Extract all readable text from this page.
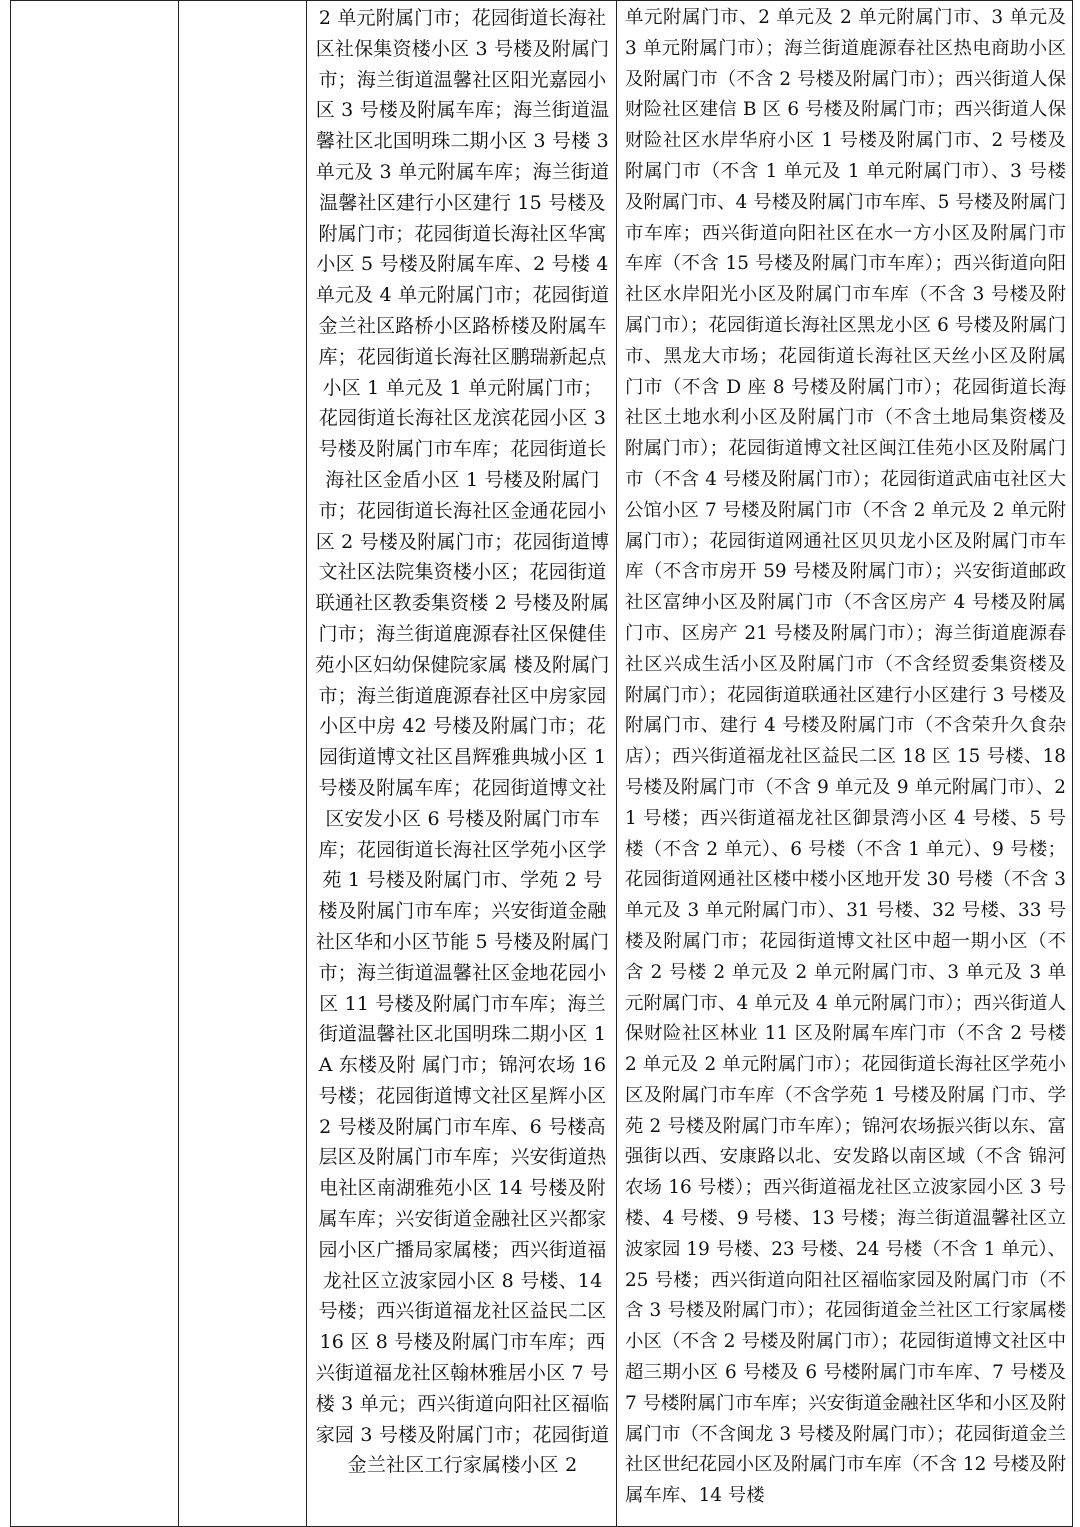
2 单元附属门市；花园街道长海社区社保集资楼小区 3 号楼及附属门市；海兰街道温馨社区阳光嘉园小区 3 号楼及附属车库；海兰街道温馨社区北国明珠二期小区 3 号楼 3 单元及 3 单元附属车库；海兰街道温馨社区建行小区建行 15 号楼及附属门市；花园街道长海社区华寓小区 5 号楼及附属车库、2 号楼 4 单元及 4 单元附属门市；花园街道金兰社区路桥小区路桥楼及附属车库；花园街道长海社区鹏瑞新起点小区 1 单元及 1 单元附属门市；花园街道长海社区龙滨花园小区 3 号楼及附属门市车库；花园街道长海社区金盾小区 1 号楼及附属门市；花园街道长海社区金通花园小区 2 号楼及附属门市；花园街道博文社区法院集资楼小区；花园街道联通社区教委集资楼 2 号楼及附属门市；海兰街道鹿源春社区保健佳苑小区妇幼保健院家属 楼及附属门市；海兰街道鹿源春社区中房家园小区中房 42 号楼及附属门市；花园街道博文社区昌辉雅典城小区 1 号楼及附属车库；花园街道博文社区安发小区 6 号楼及附属门市车库；花园街道长海社区学苑小区学苑 1 号楼及附属门市、学苑 2 号楼及附属门市车库；兴安街道金融社区华和小区节能 5 号楼及附属门市；海兰街道温馨社区金地花园小区 11 号楼及附属门市车库；海兰街道温馨社区北国明珠二期小区 1A 东楼及附 属门市；锦河农场 16 号楼；花园街道博文社区星辉小区 2 号楼及附属门市车库、6 号楼高层区及附属门市车库；兴安街道热电社区南湖雅苑小区 14 号楼及附属车库；兴安街道金融社区兴都家园小区广播局家属楼；西兴街道福龙社区立波家园小区 8 号楼、14 号楼；西兴街道福龙社区益民二区 16 区 8 号楼及附属门市车库；西兴街道福龙社区翰林雅居小区 7 号楼 3 单元；西兴街道向阳社区福临家园 3 号楼及附属门市；花园街道金兰社区工行家属楼小区 2

单元附属门市、2 单元及 2 单元附属门市、3 单元及 3 单元附属门市）；海兰街道鹿源春社区热电商助小区及附属门市（不含 2 号楼及附属门市）；西兴街道人保财险社区建信 B 区 6 号楼及附属门市；西兴街道人保财险社区水岸华府小区 1 号楼及附属门市、2 号楼及附属门市（不含 1 单元及 1 单元附属门市）、3 号楼及附属门市、4 号楼及附属门市车库、5 号楼及附属门市车库；西兴街道向阳社区在水一方小区及附属门市车库（不含 15 号楼及附属门市车库）；西兴街道向阳社区水岸阳光小区及附属门市车库（不含 3 号楼及附属门市）；花园街道长海社区黑龙小区 6 号楼及附属门市、黑龙大市场；花园街道长海社区天丝小区及附属门市（不含 D 座 8 号楼及附属门市）；花园街道长海社区土地水利小区及附属门市（不含土地局集资楼及附属门市）；花园街道博文社区闽江佳苑小区及附属门市（不含 4 号楼及附属门市）；花园街道武庙屯社区大公馆小区 7 号楼及附属门市（不含 2 单元及 2 单元附属门市）；花园街道网通社区贝贝龙小区及附属门市车库（不含市房开 59 号楼及附属门市）；兴安街道邮政社区富绅小区及附属门市（不含区房产 4 号楼及附属门市、区房产 21 号楼及附属门市）；海兰街道鹿源春社区兴成生活小区及附属门市（不含经贸委集资楼及附属门市）；花园街道联通社区建行小区建行 3 号楼及附属门市、建行 4 号楼及附属门市（不含荣升久食杂店）；西兴街道福龙社区益民二区 18 区 15 号楼、18 号楼及附属门市（不含 9 单元及 9 单元附属门市）、21 号楼；西兴街道福龙社区御景湾小区 4 号楼、5 号楼（不含 2 单元）、6 号楼（不含 1 单元）、9 号楼；花园街道网通社区楼中楼小区地开发 30 号楼（不含 3 单元及 3 单元附属门市）、31 号楼、32 号楼、33 号楼及附属门市；花园街道博文社区中超一期小区（不含 2 号楼 2 单元及 2 单元附属门市、3 单元及 3 单元附属门市、4 单元及 4 单元附属门市）；西兴街道人保财险社区林业 11 区及附属车库门市（不含 2 号楼 2 单元及 2 单元附属门市）；花园街道长海社区学苑小区及附属门市车库（不含学苑 1 号楼及附属 门市、学苑 2 号楼及附属门市车库）；锦河农场振兴街以东、富强街以西、安康路以北、安发路以南区域（不含 锦河农场 16 号楼）；西兴街道福龙社区立波家园小区 3 号楼、4 号楼、9 号楼、13 号楼；海兰街道温馨社区立波家园 19 号楼、23 号楼、24 号楼（不含 1 单元）、25 号楼；西兴街道向阳社区福临家园及附属门市（不含 3 号楼及附属门市）；花园街道金兰社区工行家属楼小区（不含 2 号楼及附属门市）；花园街道博文社区中超三期小区 6 号楼及 6 号楼附属门市车库、7 号楼及 7 号楼附属门市车库；兴安街道金融社区华和小区及附属门市（不含闽龙 3 号楼及附属门市）；花园街道金兰社区世纪花园小区及附属门市车库（不含 12 号楼及附属车库、14 号楼
